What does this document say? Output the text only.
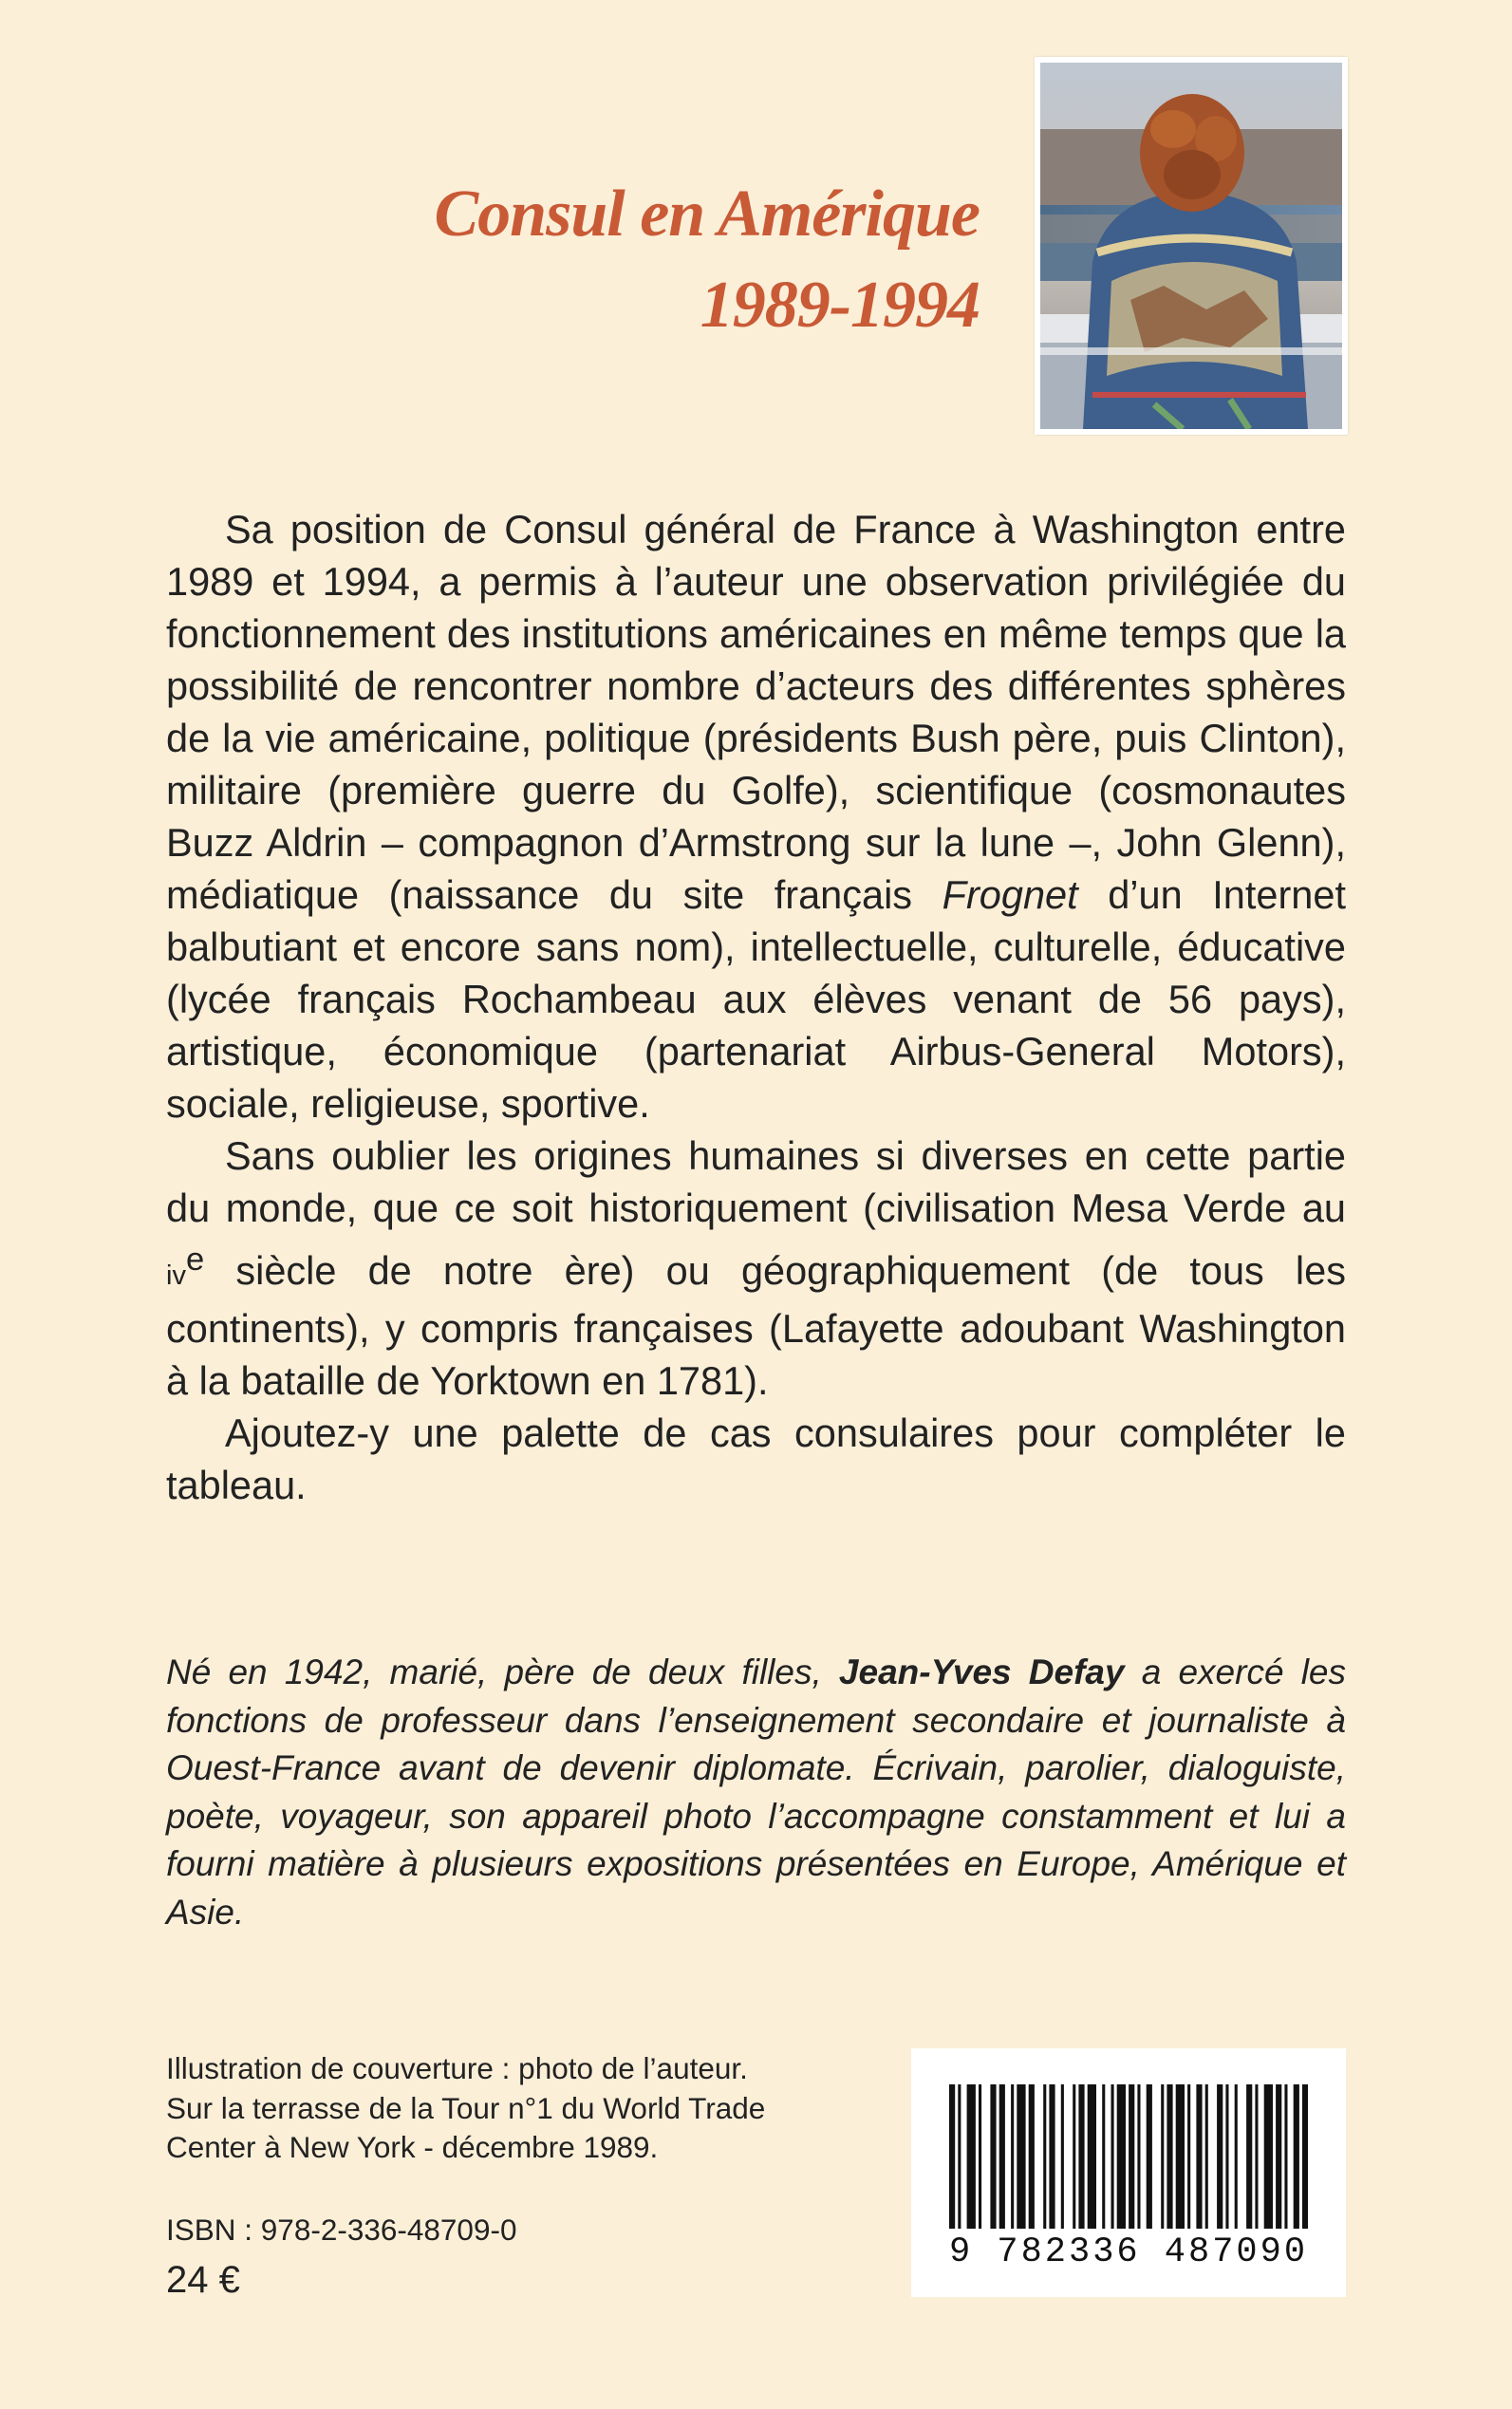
Consul en Amérique
1989-1994

Sa position de Consul général de France à Washington entre 1989 et 1994, a permis à l’auteur une observation privilégiée du fonctionnement des institutions américaines en même temps que la possibilité de rencontrer nombre d’acteurs des différentes sphères de la vie américaine, politique (présidents Bush père, puis Clinton), militaire (première guerre du Golfe), scientifique (cosmonautes Buzz Aldrin – compagnon d’Armstrong sur la lune –, John Glenn), médiatique (naissance du site français Frognet d’un Internet balbutiant et encore sans nom), intellectuelle, culturelle, éducative (lycée français Rochambeau aux élèves venant de 56 pays), artistique, économique (partenariat Airbus-General Motors), sociale, religieuse, sportive.

Sans oublier les origines humaines si diverses en cette partie du monde, que ce soit historiquement (civilisation Mesa Verde au $iv^e$ siècle de notre ère) ou géographiquement (de tous les continents), y compris françaises (Lafayette adoubant Washington à la bataille de Yorktown en 1781).

Ajoutez-y une palette de cas consulaires pour compléter le tableau.

Né en 1942, marié, père de deux filles, Jean-Yves Defay a exercé les fonctions de professeur dans l’enseignement secondaire et journaliste à Ouest-France avant de devenir diplomate. Écrivain, parolier, dialoguiste, poète, voyageur, son appareil photo l’accompagne constamment et lui a fourni matière à plusieurs expositions présentées en Europe, Amérique et Asie.

Illustration de couverture : photo de l’auteur.
Sur la terrasse de la Tour n°1 du World Trade
Center à New York - décembre 1989.
ISBN : 978-2-336-48709-0
24 €
9 782336 487090
